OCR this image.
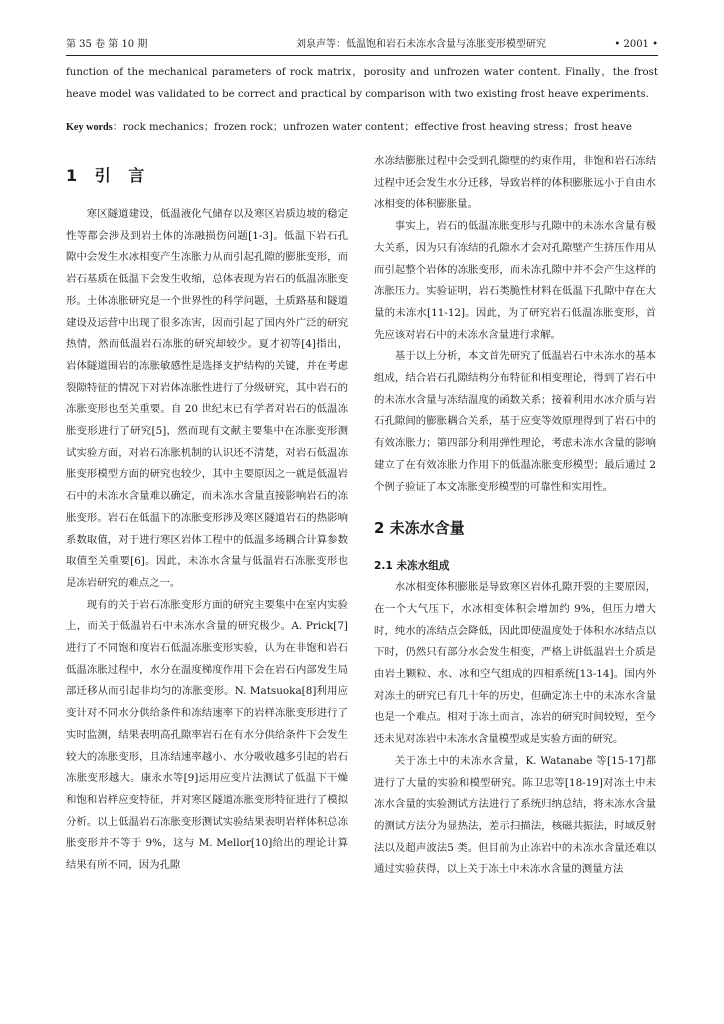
第 35 卷 第 10 期	刘泉声等：低温饱和岩石未冻水含量与冻胀变形模型研究	• 2001 •

function of the mechanical parameters of rock matrix，porosity and unfrozen water content. Finally，the frost heave model was validated to be correct and practical by comparison with two existing frost heave experiments.

Key words：rock mechanics；frozen rock；unfrozen water content；effective frost heaving stress；frost heave
1 引 言

寒区隧道建设，低温液化气储存以及寒区岩质边坡的稳定性等都会涉及到岩土体的冻融损伤问题[1-3]。低温下岩石孔隙中会发生水冰相变产生冻胀力从而引起孔隙的膨胀变形，而岩石基质在低温下会发生收缩，总体表现为岩石的低温冻胀变形。土体冻胀研究是一个世界性的科学问题，土质路基和隧道建设及运营中出现了很多冻害，因而引起了国内外广泛的研究热情，然而低温岩石冻胀的研究却较少。夏才初等[4]指出，岩体隧道围岩的冻胀敏感性是选择支护结构的关键，并在考虑裂隙特征的情况下对岩体冻胀性进行了分级研究，其中岩石的冻胀变形也至关重要。自 20 世纪末已有学者对岩石的低温冻胀变形进行了研究[5]，然而现有文献主要集中在冻胀变形测试实验方面，对岩石冻胀机制的认识还不清楚，对岩石低温冻胀变形模型方面的研究也较少，其中主要原因之一就是低温岩石中的未冻水含量难以确定，而未冻水含量直接影响岩石的冻胀变形。岩石在低温下的冻胀变形涉及寒区隧道岩石的热影响系数取值，对于进行寒区岩体工程中的低温多场耦合计算参数取值至关重要[6]。因此，未冻水含量与低温岩石冻胀变形也是冻岩研究的难点之一。

现有的关于岩石冻胀变形方面的研究主要集中在室内实验上，而关于低温岩石中未冻水含量的研究极少。A. Prick[7]进行了不同饱和度岩石低温冻胀变形实验，认为在非饱和岩石低温冻胀过程中，水分在温度梯度作用下会在岩石内部发生局部迁移从而引起非均匀的冻胀变形。N. Matsuoka[8]利用应变计对不同水分供给条件和冻结速率下的岩样冻胀变形进行了实时监测，结果表明高孔隙率岩石在有水分供给条件下会发生较大的冻胀变形，且冻结速率越小、水分吸收越多引起的岩石冻胀变形越大。康永水等[9]运用应变片法测试了低温下干燥和饱和岩样应变特征，并对寒区隧道冻胀变形特征进行了模拟分析。以上低温岩石冻胀变形测试实验结果表明岩样体积总冻胀变形并不等于 9%，这与 M. Mellor[10]给出的理论计算结果有所不同，因为孔隙

水冻结膨胀过程中会受到孔隙壁的约束作用，非饱和岩石冻结过程中还会发生水分迁移，导致岩样的体积膨胀远小于自由水冰相变的体积膨胀量。

事实上，岩石的低温冻胀变形与孔隙中的未冻水含量有极大关系，因为只有冻结的孔隙水才会对孔隙壁产生挤压作用从而引起整个岩体的冻胀变形，而未冻孔隙中并不会产生这样的冻胀压力。实验证明，岩石类脆性材料在低温下孔隙中存在大量的未冻水[11-12]。因此，为了研究岩石低温冻胀变形，首先应该对岩石中的未冻水含量进行求解。

基于以上分析，本文首先研究了低温岩石中未冻水的基本组成，结合岩石孔隙结构分布特征和相变理论，得到了岩石中的未冻水含量与冻结温度的函数关系；接着利用水冰介质与岩石孔隙间的膨胀耦合关系，基于应变等效原理得到了岩石中的有效冻胀力；第四部分利用弹性理论，考虑未冻水含量的影响建立了在有效冻胀力作用下的低温冻胀变形模型；最后通过 2 个例子验证了本文冻胀变形模型的可靠性和实用性。

2 未冻水含量
2.1 未冻水组成

水冰相变体积膨胀是导致寒区岩体孔隙开裂的主要原因，在一个大气压下，水冰相变体积会增加约 9%，但压力增大时，纯水的冻结点会降低，因此即使温度处于体积水冰结点以下时，仍然只有部分水会发生相变，严格上讲低温岩土介质是由岩土颗粒、水、冰和空气组成的四相系统[13-14]。国内外对冻土的研究已有几十年的历史，但确定冻土中的未冻水含量也是一个难点。相对于冻土而言，冻岩的研究时间较短，至今还未见对冻岩中未冻水含量模型或是实验方面的研究。

关于冻土中的未冻水含量，K. Watanabe 等[15-17]都进行了大量的实验和模型研究。陈卫忠等[18-19]对冻土中未冻水含量的实验测试方法进行了系统归纳总结，将未冻水含量的测试方法分为显热法，差示扫描法，核磁共振法，时域反射法以及超声波法5 类。但目前为止冻岩中的未冻水含量还难以通过实验获得，以上关于冻土中未冻水含量的测量方法
